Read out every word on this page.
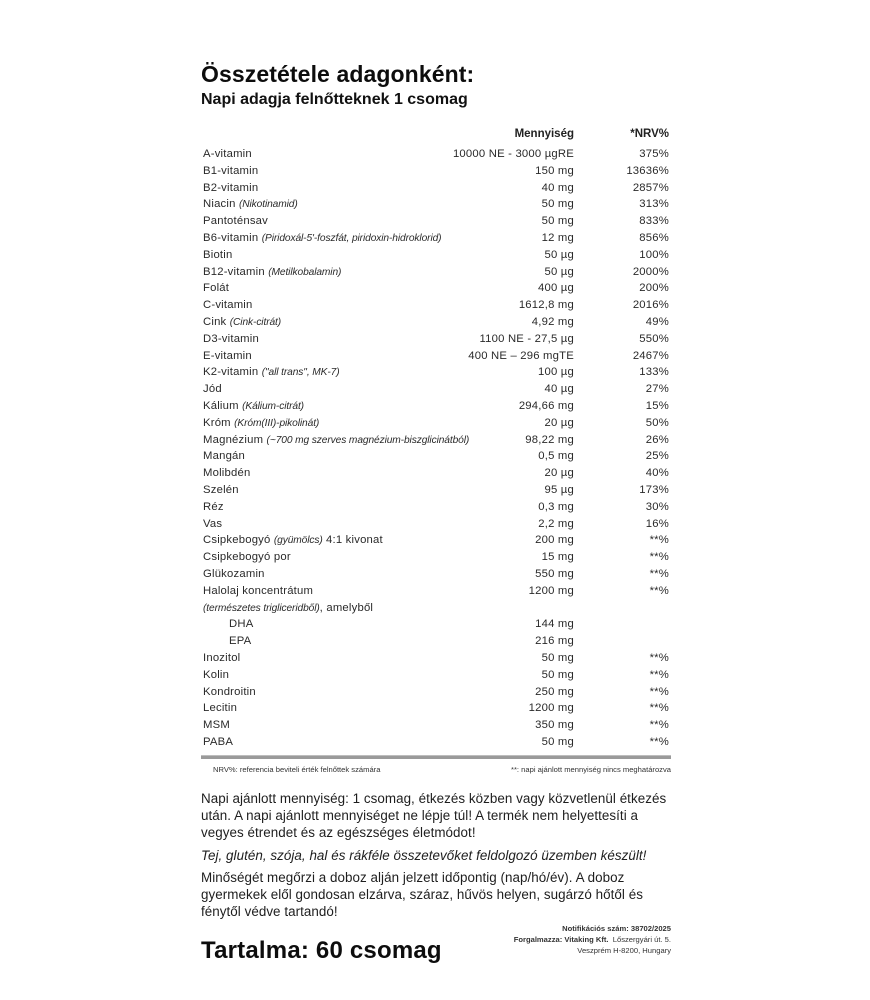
Összetétele adagonként:
Napi adagja felnőtteknek 1 csomag
Mennyiség	*NRV%
A-vitamin	10000 NE - 3000 µgRE	375%
B1-vitamin	150 mg	13636%
B2-vitamin	40 mg	2857%
Niacin (Nikotinamid)	50 mg	313%
Pantoténsav	50 mg	833%
B6-vitamin (Piridoxál-5'-foszfát, piridoxin-hidroklorid)	12 mg	856%
Biotin	50 µg	100%
B12-vitamin (Metilkobalamin)	50 µg	2000%
Folát	400 µg	200%
C-vitamin	1612,8 mg	2016%
Cink (Cink-citrát)	4,92 mg	49%
D3-vitamin	1100 NE - 27,5 µg	550%
E-vitamin	400 NE – 296 mgTE	2467%
K2-vitamin ("all trans", MK-7)	100 µg	133%
Jód	40 µg	27%
Kálium (Kálium-citrát)	294,66 mg	15%
Króm (Króm(III)-pikolinát)	20 µg	50%
Magnézium (~700 mg szerves magnézium-biszglicinátból)	98,22 mg	26%
Mangán	0,5 mg	25%
Molibdén	20 µg	40%
Szelén	95 µg	173%
Réz	0,3 mg	30%
Vas	2,2 mg	16%
Csipkebogyó (gyümölcs) 4:1 kivonat	200 mg	**%
Csipkebogyó por	15 mg	**%
Glükozamin	550 mg	**%
Halolaj koncentrátum	1200 mg	**%
(természetes trigliceridből), amelyből
DHA	144 mg
EPA	216 mg
Inozitol	50 mg	**%
Kolin	50 mg	**%
Kondroitin	250 mg	**%
Lecitin	1200 mg	**%
MSM	350 mg	**%
PABA	50 mg	**%
NRV%: referencia beviteli érték felnőttek számára	**: napi ajánlott mennyiség nincs meghatározva

Napi ajánlott mennyiség: 1 csomag, étkezés közben vagy közvetlenül étkezés után. A napi ajánlott mennyiséget ne lépje túl! A termék nem helyettesíti a vegyes étrendet és az egészséges életmódot!

Tej, glutén, szója, hal és rákféle összetevőket feldolgozó üzemben készült!

Minőségét megőrzi a doboz alján jelzett időpontig (nap/hó/év). A doboz gyermekek elől gondosan elzárva, száraz, hűvös helyen, sugárzó hőtől és fénytől védve tartandó!

Tartalma: 60 csomag
Notifikációs szám: 38702/2025
Forgalmazza: Vitaking Kft. Lőszergyári út. 5.
Veszprém H-8200, Hungary
